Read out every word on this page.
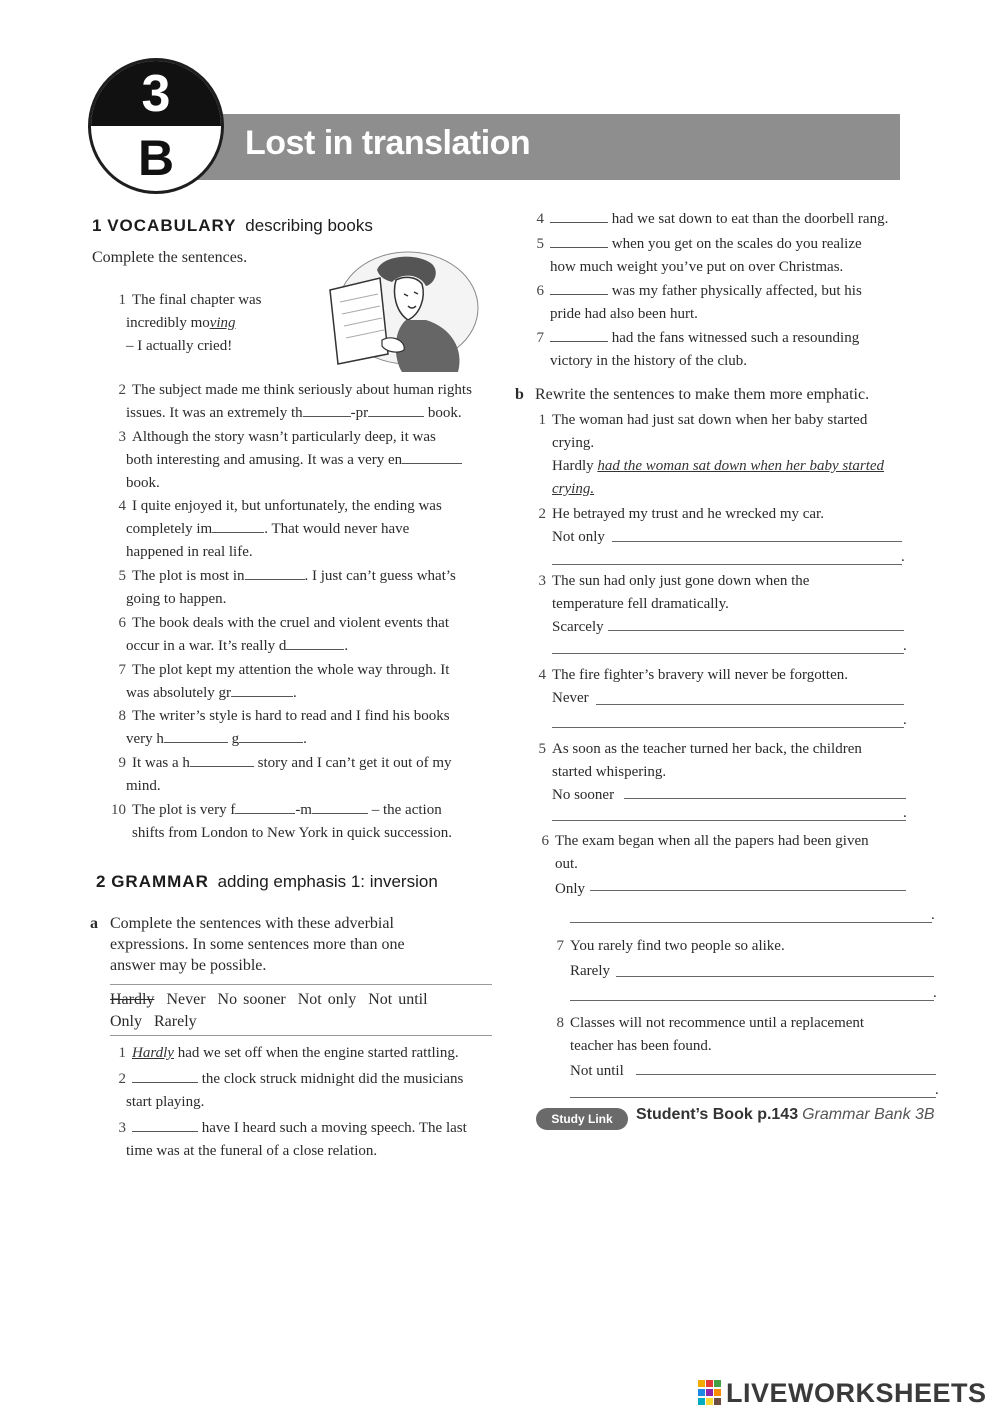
Lost in translation
3
B
1 VOCABULARY describing books
Complete the sentences.
1 The final chapter was
incredibly moving
– I actually cried!
2 The subject made me think seriously about human rights
issues. It was an extremely th	-pr	book.
3 Although the story wasn’t particularly deep, it was
both interesting and amusing. It was a very en
book.
4 I quite enjoyed it, but unfortunately, the ending was
completely im	. That would never have
happened in real life.
5 The plot is most in	. I just can’t guess what’s
going to happen.
6 The book deals with the cruel and violent events that
occur in a war. It’s really d	.
7 The plot kept my attention the whole way through. It
was absolutely gr	.
8 The writer’s style is hard to read and I find his books
very h	g	.
9 It was a h	story and I can’t get it out of my
mind.
10 The plot is very f	-m	– the action
shifts from London to New York in quick succession.
2 GRAMMAR adding emphasis 1: inversion
a Complete the sentences with these adverbial
expressions. In some sentences more than one
answer may be possible.
Hardly Never No sooner Not only Not until
Only Rarely
1 Hardly had we set off when the engine started rattling.
2	the clock struck midnight did the musicians
start playing.
3	have I heard such a moving speech. The last
time was at the funeral of a close relation.
4	had we sat down to eat than the doorbell rang.
5	when you get on the scales do you realize
how much weight you’ve put on over Christmas.
6	was my father physically affected, but his
pride had also been hurt.
7	had the fans witnessed such a resounding
victory in the history of the club.
b Rewrite the sentences to make them more emphatic.
1 The woman had just sat down when her baby started
crying.
Hardly had the woman sat down when her baby started
crying.
2 He betrayed my trust and he wrecked my car.
Not only
.
3 The sun had only just gone down when the
temperature fell dramatically.
Scarcely
.
4 The fire fighter’s bravery will never be forgotten.
Never
.
5 As soon as the teacher turned her back, the children
started whispering.
No sooner
.
6 The exam began when all the papers had been given
out.
Only
.
7 You rarely find two people so alike.
Rarely
.
8 Classes will not recommence until a replacement
teacher has been found.
Not until
.
Study Link	Student’s Book p.143 Grammar Bank 3B
LIVEWORKSHEETS
